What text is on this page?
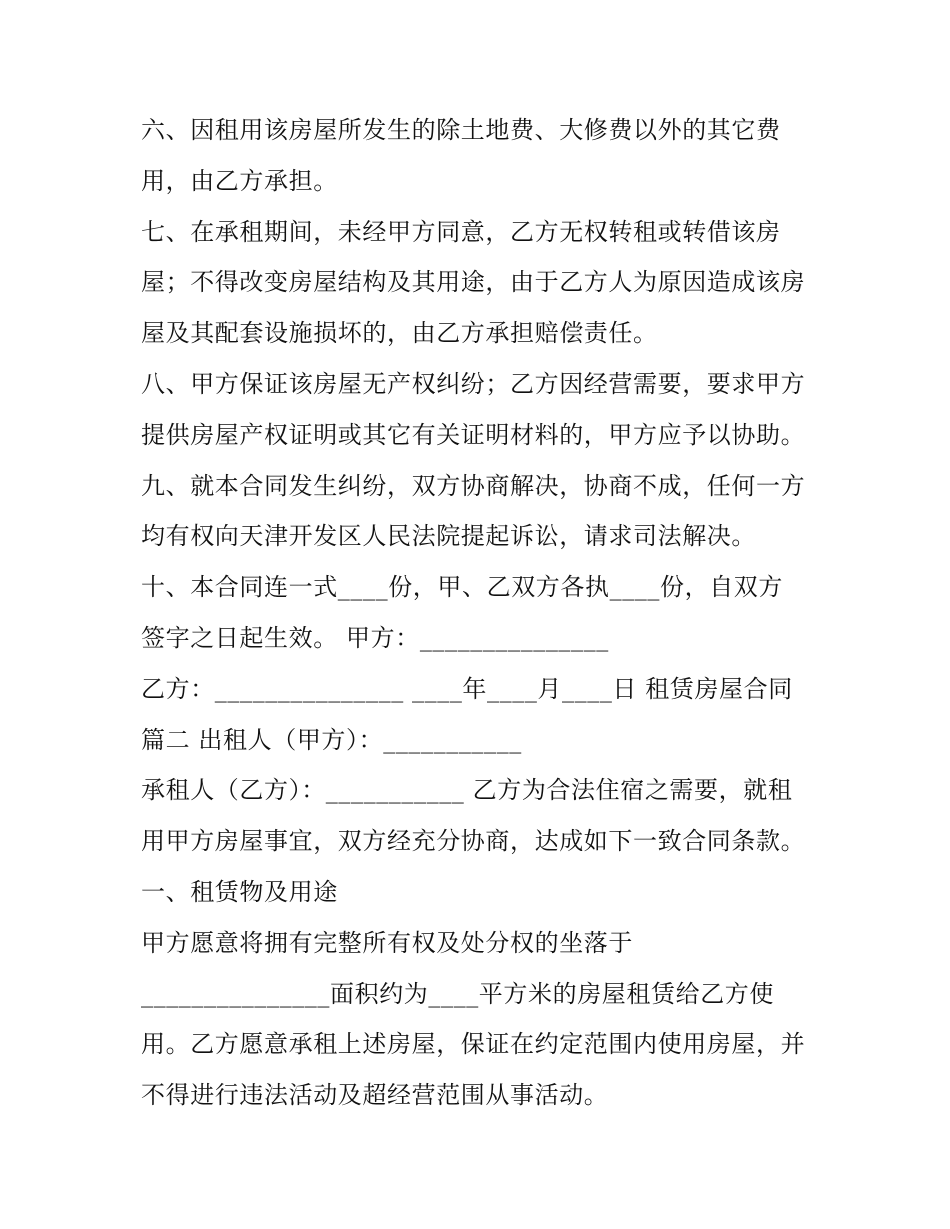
六、因租用该房屋所发生的除土地费、大修费以外的其它费
用，由乙方承担。
七、在承租期间，未经甲方同意，乙方无权转租或转借该房
屋；不得改变房屋结构及其用途，由于乙方人为原因造成该房
屋及其配套设施损坏的，由乙方承担赔偿责任。
八、甲方保证该房屋无产权纠纷；乙方因经营需要，要求甲方
提供房屋产权证明或其它有关证明材料的，甲方应予以协助。
九、就本合同发生纠纷，双方协商解决，协商不成，任何一方
均有权向天津开发区人民法院提起诉讼，请求司法解决。
十、本合同连一式____份，甲、乙双方各执____份，自双方
签字之日起生效。 甲方：_______________
乙方：_______________ ____年____月____日 租赁房屋合同
篇二 出租人（甲方）：___________
承租人（乙方）：___________ 乙方为合法住宿之需要，就租
用甲方房屋事宜，双方经充分协商，达成如下一致合同条款。
一、租赁物及用途
甲方愿意将拥有完整所有权及处分权的坐落于
_______________面积约为____平方米的房屋租赁给乙方使
用。乙方愿意承租上述房屋，保证在约定范围内使用房屋，并
不得进行违法活动及超经营范围从事活动。
